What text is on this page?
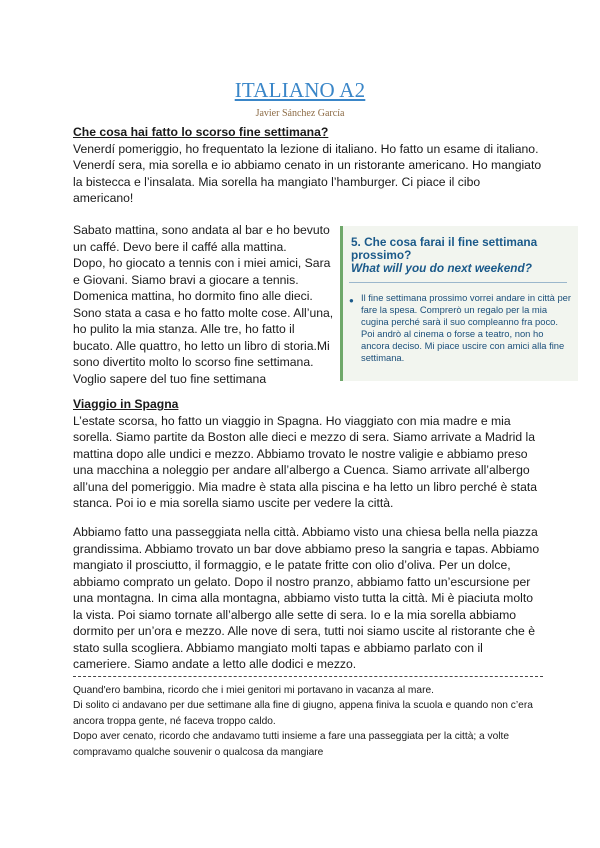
ITALIANO A2
Javier Sánchez García

Che cosa hai fatto lo scorso fine settimana?

Venerdí pomeriggio, ho frequentato la lezione di italiano. Ho fatto un esame di italiano.
Venerdí sera, mia sorella e io abbiamo cenato in un ristorante americano. Ho mangiato la bistecca e l’insalata. Mia sorella ha mangiato l’hamburger. Ci piace il cibo americano!

Sabato mattina, sono andata al bar e ho bevuto un caffé. Devo bere il caffé alla mattina.
Dopo, ho giocato a tennis con i miei amici, Sara e Giovani. Siamo bravi a giocare a tennis.
Domenica mattina, ho dormito fino alle dieci. Sono stata a casa e ho fatto molte cose. All’una, ho pulito la mia stanza. Alle tre, ho fatto il bucato. Alle quattro, ho letto un libro di storia.Mi sono divertito molto lo scorso fine settimana.
Voglio sapere del tuo fine settimana

5. Che cosa farai il fine settimana prossimo?
What will you do next weekend?
● Il fine settimana prossimo vorrei andare in città per fare la spesa. Comprerò un regalo per la mia cugina perché sarà il suo compleanno fra poco. Poi andrò al cinema o forse a teatro, non ho ancora deciso. Mi piace uscire con amici alla fine settimana.

Viaggio in Spagna

L’estate scorsa, ho fatto un viaggio in Spagna. Ho viaggiato con mia madre e mia sorella. Siamo partite da Boston alle dieci e mezzo di sera. Siamo arrivate a Madrid la mattina dopo alle undici e mezzo. Abbiamo trovato le nostre valigie e abbiamo preso una macchina a noleggio per andare all’albergo a Cuenca. Siamo arrivate all’albergo all’una del pomeriggio. Mia madre è stata alla piscina e ha letto un libro perché è stata stanca. Poi io e mia sorella siamo uscite per vedere la città.

Abbiamo fatto una passeggiata nella città. Abbiamo visto una chiesa bella nella piazza grandissima. Abbiamo trovato un bar dove abbiamo preso la sangria e tapas. Abbiamo mangiato il prosciutto, il formaggio, e le patate fritte con olio d’oliva. Per un dolce, abbiamo comprato un gelato. Dopo il nostro pranzo, abbiamo fatto un’escursione per una montagna. In cima alla montagna, abbiamo visto tutta la città. Mi è piaciuta molto la vista. Poi siamo tornate all’albergo alle sette di sera. Io e la mia sorella abbiamo dormito per un’ora e mezzo. Alle nove di sera, tutti noi siamo uscite al ristorante che è stato sulla scogliera. Abbiamo mangiato molti tapas e abbiamo parlato con il cameriere. Siamo andate a letto alle dodici e mezzo.

Quand'ero bambina, ricordo che i miei genitori mi portavano in vacanza al mare.

Di solito ci andavano per due settimane alla fine di giugno, appena finiva la scuola e quando non c’era ancora troppa gente, né faceva troppo caldo.

Dopo aver cenato, ricordo che andavamo tutti insieme a fare una passeggiata per la città; a volte compravamo qualche souvenir o qualcosa da mangiare
